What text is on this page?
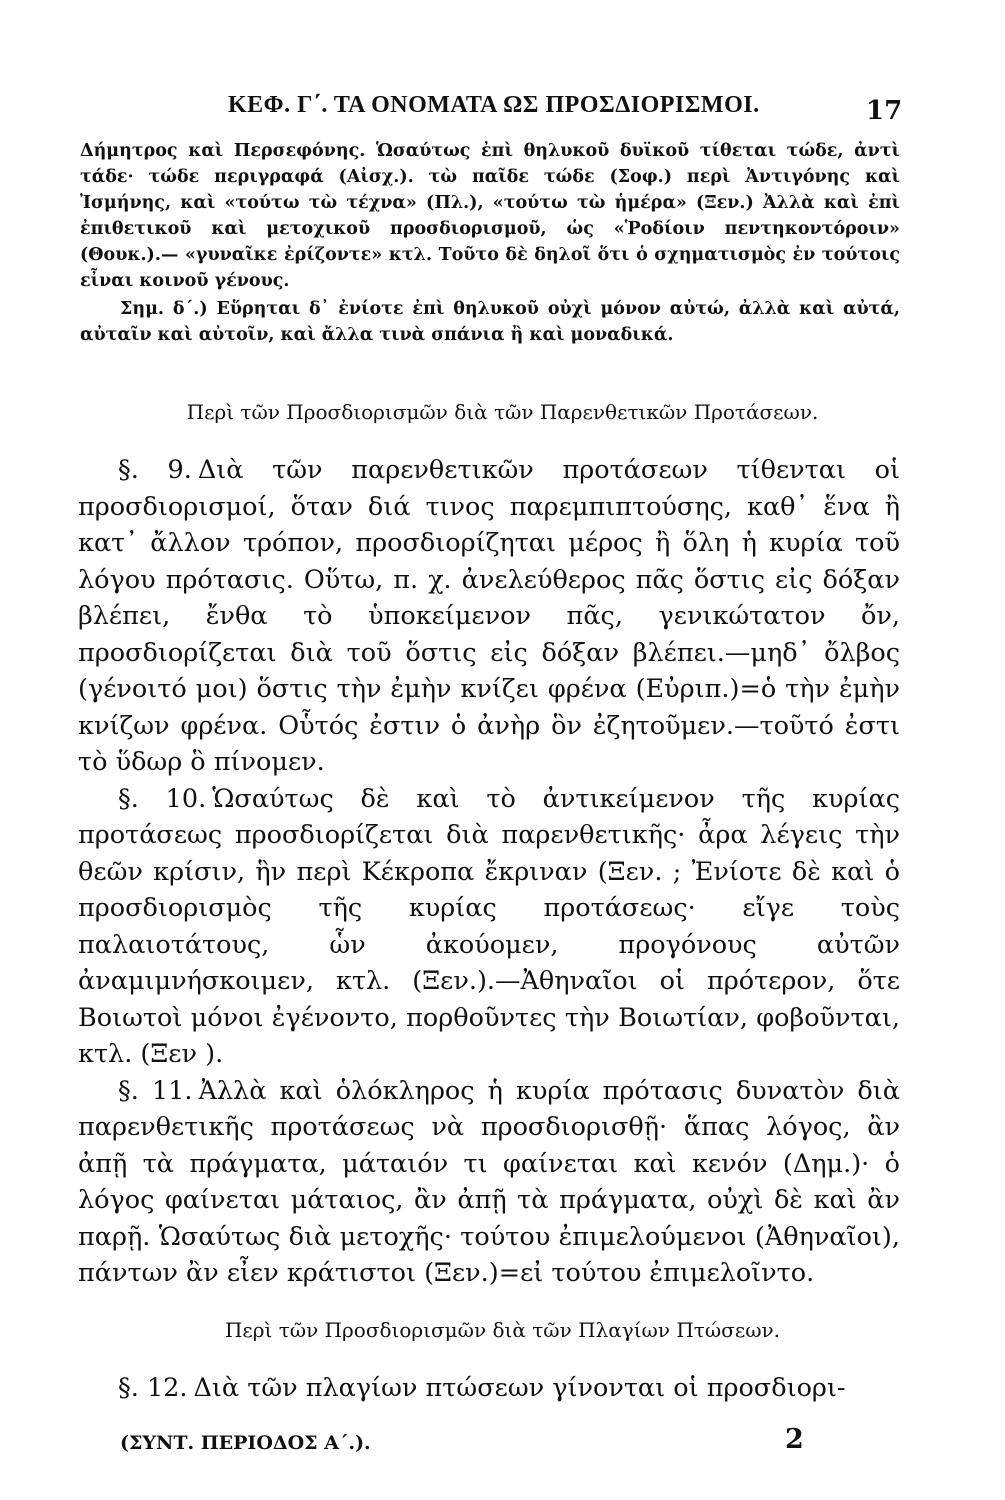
ΚΕΦ. Γ΄. ΤΑ ΟΝΟΜΑΤΑ ΩΣ ΠΡΟΣΔΙΟΡΙΣΜΟΙ.	17

Δήμητρος καὶ Περσεφόνης. Ὡσαύτως ἐπὶ θηλυκοῦ δυϊκοῦ τίθεται τώδε, ἀντὶ τάδε· τώδε περιγραφά (Αἰσχ.). τὼ παῖδε τώδε (Σοφ.) περὶ Ἀντιγόνης καὶ Ἰσμήνης, καὶ «τούτω τὼ τέχνα» (Πλ.), «τούτω τὼ ἡμέρα» (Ξεν.) Ἀλλὰ καὶ ἐπὶ ἐπιθετικοῦ καὶ μετοχικοῦ προσδιορισμοῦ, ὡς «Ῥοδίοιν πεντηκοντόροιν» (Θουκ.).— «γυναῖκε ἐρίζοντε» κτλ. Τοῦτο δὲ δηλοῖ ὅτι ὁ σχηματισμὸς ἐν τούτοις εἶναι κοινοῦ γένους.

Σημ. δ΄.) Εὕρηται δ᾽ ἐνίοτε ἐπὶ θηλυκοῦ οὐχὶ μόνον αὐτώ, ἀλλὰ καὶ αὐτά, αὐταῖν καὶ αὐτοῖν, καὶ ἄλλα τινὰ σπάνια ἢ καὶ μοναδικά.

Περὶ τῶν Προσδιορισμῶν διὰ τῶν Παρενθετικῶν Προτάσεων.

§. 9. Διὰ τῶν παρενθετικῶν προτάσεων τίθενται οἱ προσδιορισμοί, ὅταν διά τινος παρεμπιπτούσης, καθ᾽ ἕνα ἢ κατ᾽ ἄλλον τρόπον, προσδιορίζηται μέρος ἢ ὅλη ἡ κυρία τοῦ λόγου πρότασις. Οὕτω, π. χ. ἀνελεύθερος πᾶς ὅστις εἰς δόξαν βλέπει, ἔνθα τὸ ὑποκείμενον πᾶς, γενικώτατον ὄν, προσδιορίζεται διὰ τοῦ ὅστις εἰς δόξαν βλέπει.—μηδ᾽ ὄλβος (γένοιτό μοι) ὅστις τὴν ἐμὴν κνίζει φρένα (Εὐριπ.)=ὁ τὴν ἐμὴν κνίζων φρένα. Οὗτός ἐστιν ὁ ἀνὴρ ὃν ἐζητοῦμεν.—τοῦτό ἐστι τὸ ὕδωρ ὃ πίνομεν.

§. 10. Ὡσαύτως δὲ καὶ τὸ ἀντικείμενον τῆς κυρίας προτάσεως προσδιορίζεται διὰ παρενθετικῆς· ἆρα λέγεις τὴν θεῶν κρίσιν, ἣν περὶ Κέκροπα ἔκριναν (Ξεν. ; Ἐνίοτε δὲ καὶ ὁ προσδιορισμὸς τῆς κυρίας προτάσεως· εἴγε τοὺς παλαιοτάτους, ὧν ἀκούομεν, προγόνους αὐτῶν ἀναμιμνήσκοιμεν, κτλ. (Ξεν.).—Ἀθηναῖοι οἱ πρότερον, ὅτε Βοιωτοὶ μόνοι ἐγένοντο, πορθοῦντες τὴν Βοιωτίαν, φοβοῦνται, κτλ. (Ξεν ).

§. 11. Ἀλλὰ καὶ ὁλόκληρος ἡ κυρία πρότασις δυνατὸν διὰ παρενθετικῆς προτάσεως νὰ προσδιορισθῇ· ἅπας λόγος, ἂν ἀπῇ τὰ πράγματα, μάταιόν τι φαίνεται καὶ κενόν (Δημ.)· ὁ λόγος φαίνεται μάταιος, ἂν ἀπῇ τὰ πράγματα, οὐχὶ δὲ καὶ ἂν παρῇ. Ὡσαύτως διὰ μετοχῆς· τούτου ἐπιμελούμενοι (Ἀθηναῖοι), πάντων ἂν εἶεν κράτιστοι (Ξεν.)=εἰ τούτου ἐπιμελοῖντο.

Περὶ τῶν Προσδιορισμῶν διὰ τῶν Πλαγίων Πτώσεων.

§. 12. Διὰ τῶν πλαγίων πτώσεων γίνονται οἱ προσδιορι-

(ΣΥΝΤ. ΠΕΡΙΟΔΟΣ Α΄.).	2
